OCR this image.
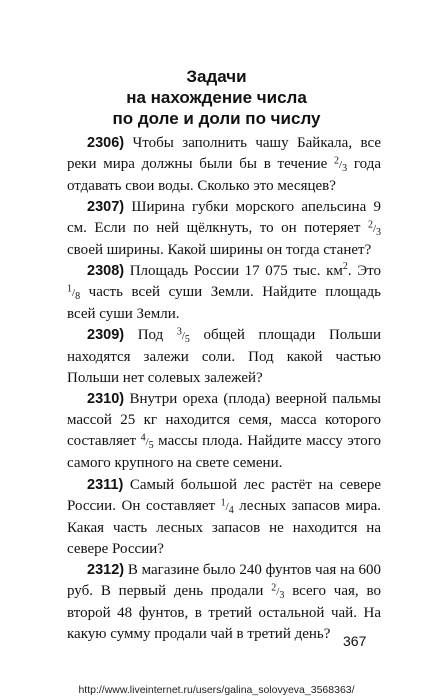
Задачи
на нахождение числа
по доле и доли по числу

2306) Чтобы заполнить чашу Байкала, все реки мира должны были бы в течение $^2/_3$ года отдавать свои воды. Сколько это месяцев?

2307) Ширина губки морского апельсина 9 см. Если по ней щёлкнуть, то он потеряет $^2/_3$ своей ширины. Какой ширины он тогда станет?

2308) Площадь России 17 075 тыс. $км^2$. Это $^1/_8$ часть всей суши Земли. Найдите площадь всей суши Земли.

2309) Под $^3/_5$ общей площади Польши находятся залежи соли. Под какой частью Польши нет солевых залежей?

2310) Внутри ореха (плода) веерной пальмы массой 25 кг находится семя, масса которого составляет $^4/_5$ массы плода. Найдите массу этого самого крупного на свете семени.

2311) Самый большой лес растёт на севере России. Он составляет $^1/_4$ лесных запасов мира. Какая часть лесных запасов не находится на севере России?

2312) В магазине было 240 фунтов чая на 600 руб. В первый день продали $^2/_3$ всего чая, во второй 48 фунтов, в третий остальной чай. На какую сумму продали чай в третий день? 367
http://www.liveinternet.ru/users/galina_solovyeva_3568363/
